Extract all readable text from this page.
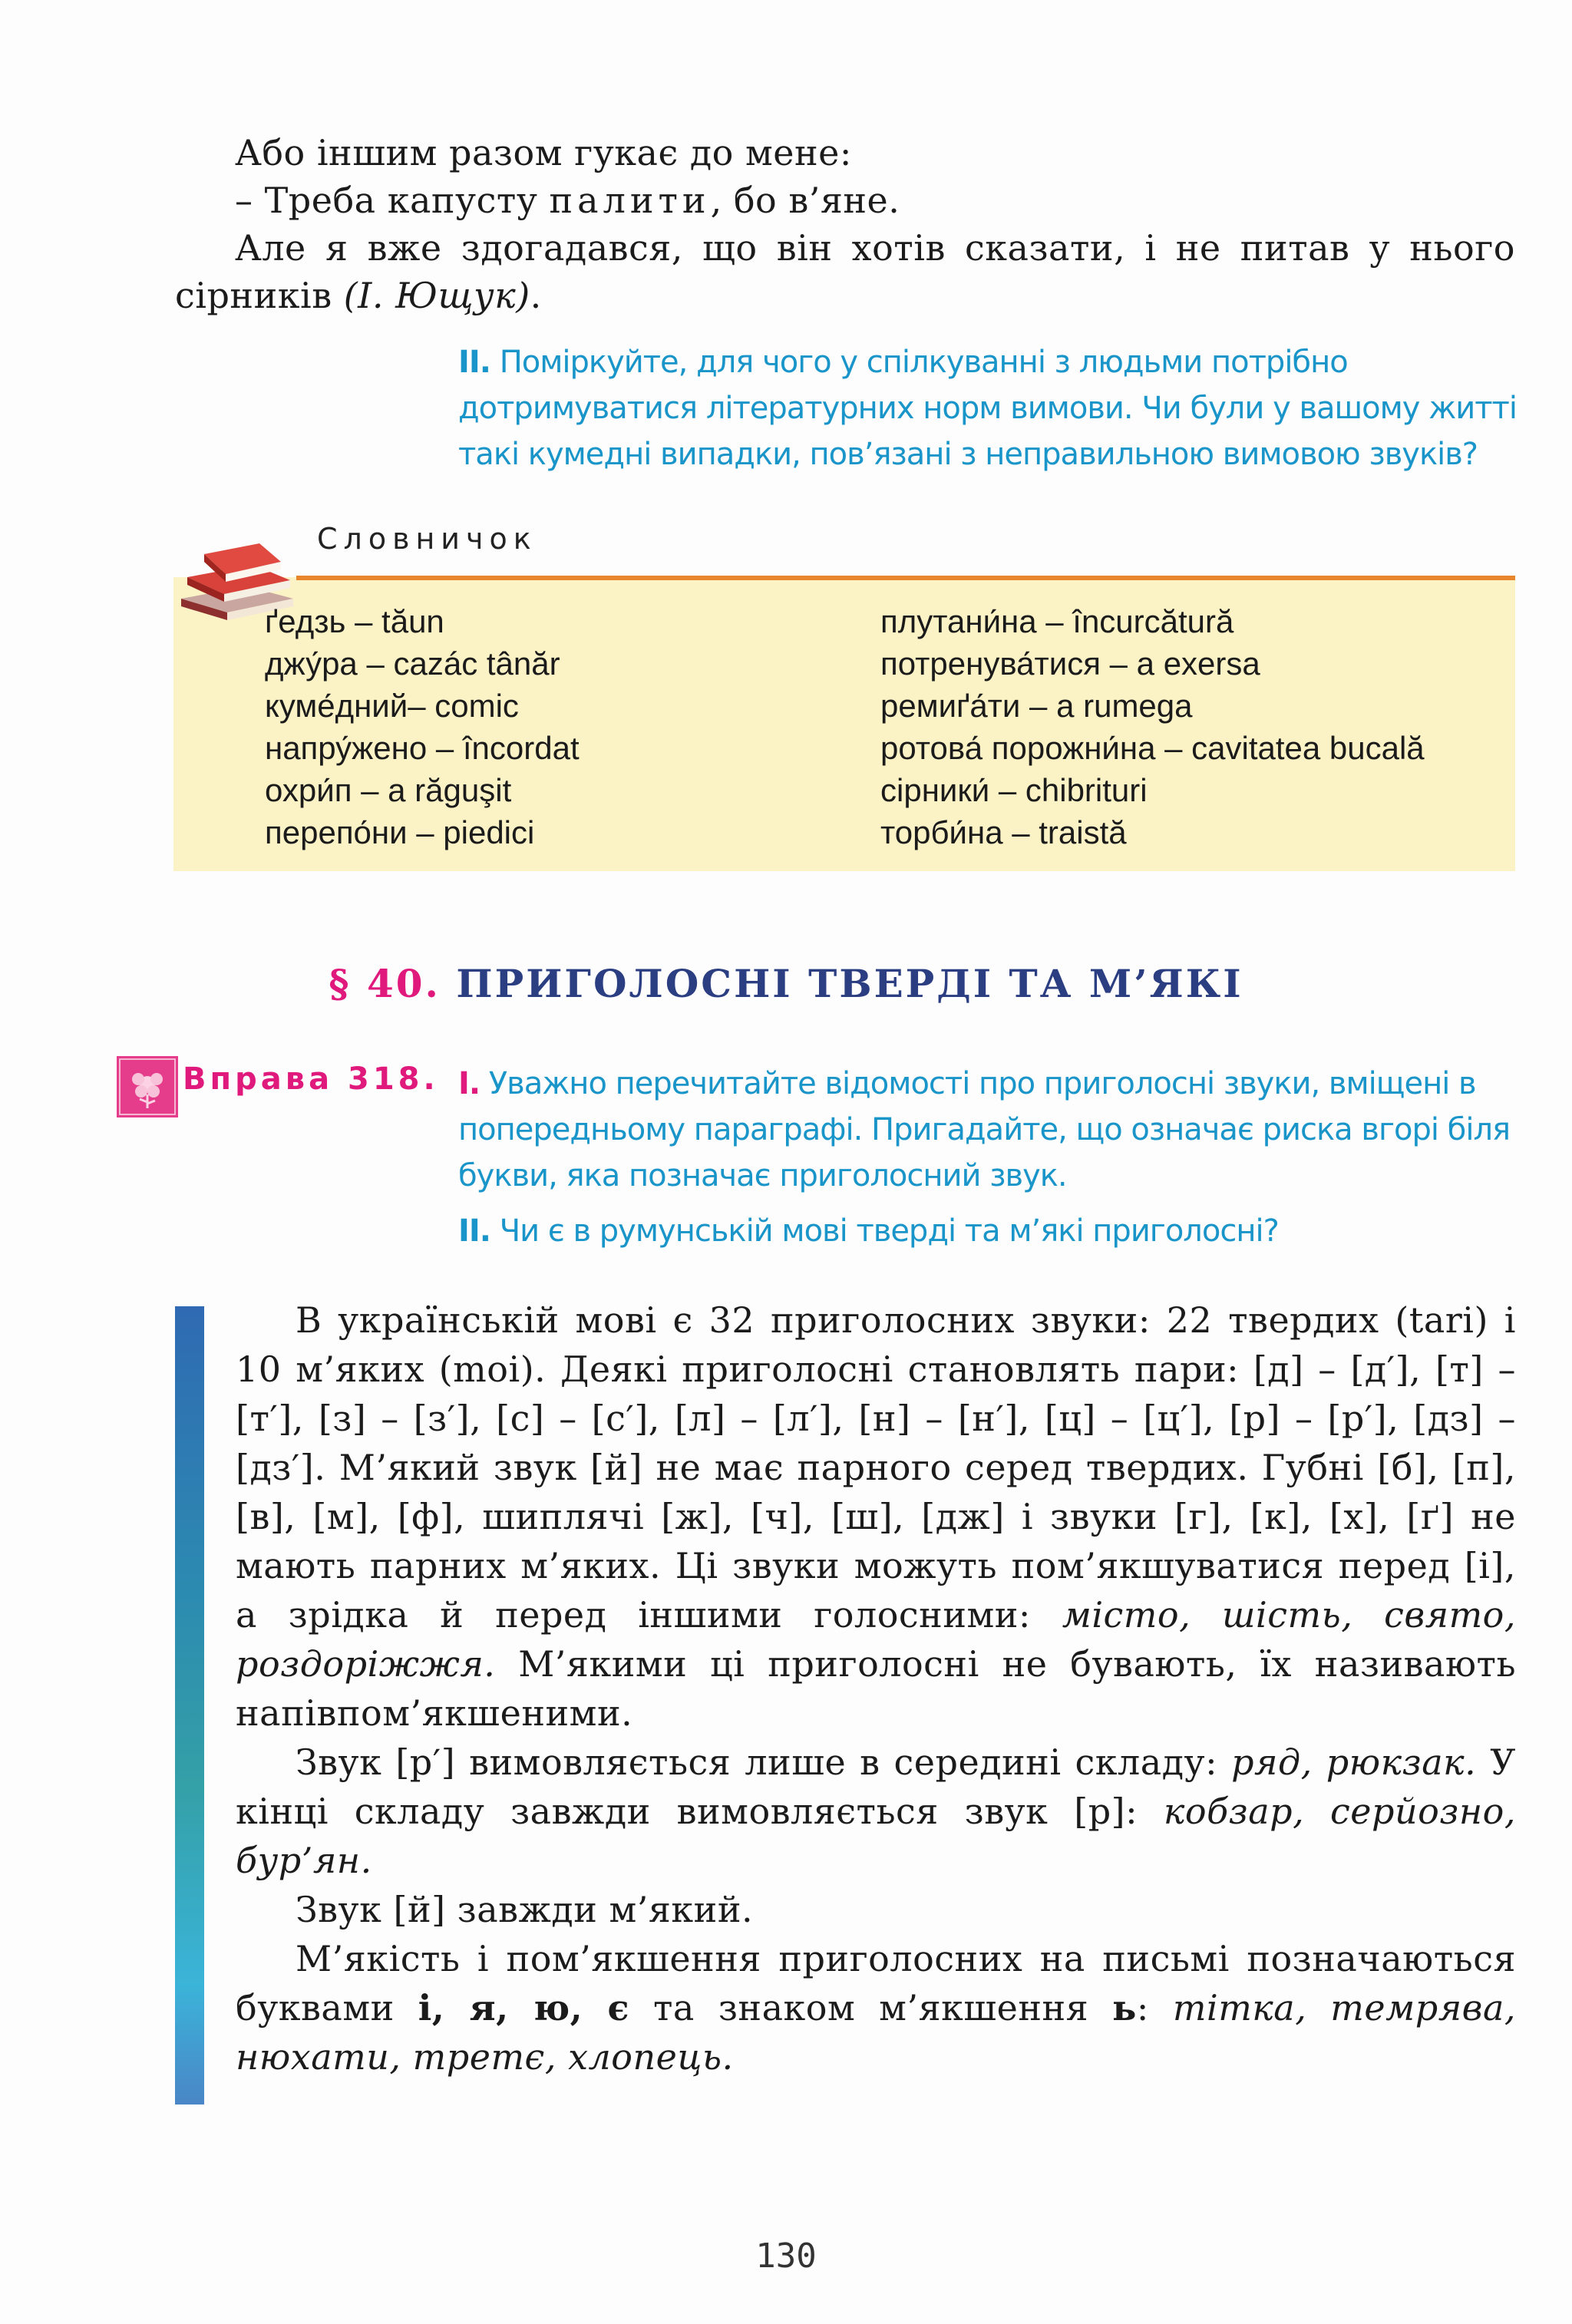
Або іншим разом гукає до мене:
– Треба капусту палити, бо в’яне.
Але я вже здогадався, що він хотів сказати, і не питав у нього сірників (І. Ющук).
II. Поміркуйте, для чого у спілкуванні з людьми потрібно дотримуватися літературних норм вимови. Чи були у вашому житті такі кумедні випадки, пов’язані з неправильною вимовою звуків?
Словничок
ґедзь – tăun
джу́ра – cazác tânăr
куме́дний– comic
напру́жено – încordat
охри́п – a răguşit
перепо́ни – piedici
плутани́на – încurcătură
потренува́тися – a exersa
ремиґа́ти – a rumega
ротова́ порожни́на – cavitatea bucală
сірники́ – chibrituri
торби́на – traistă
§ 40. ПРИГОЛОСНІ ТВЕРДІ ТА М’ЯКІ
Вправа 318. І. Уважно перечитайте відомості про приголосні звуки, вміщені в попередньому параграфі. Пригадайте, що означає риска вгорі біля букви, яка позначає приголосний звук.

ІІ. Чи є в румунській мові тверді та м’які приголосні?

В українській мові є 32 приголосних звуки: 22 твердих (tari) і 10 м’яких (moi). Деякі приголосні становлять пари: [д] – [д′], [т] – [т′], [з] – [з′], [с] – [с′], [л] – [л′], [н] – [н′], [ц] – [ц′], [р] – [р′], [дз] – [дз′]. М’який звук [й] не має парного серед твердих. Губні [б], [п], [в], [м], [ф], шиплячі [ж], [ч], [ш], [дж] і звуки [г], [к], [х], [ґ] не мають парних м’яких. Ці звуки можуть пом’якшуватися перед [і], а зрідка й перед іншими голосними: місто, шість, свято, роздоріжжя. М’якими ці приголосні не бувають, їх називають напівпом’якшеними.

Звук [р′] вимовляється лише в середині складу: ряд, рюкзак. У кінці складу завжди вимовляється звук [р]: кобзар, серйозно, бур’ян.

Звук [й] завжди м’який.

М’якість і пом’якшення приголосних на письмі позначаються буквами і, я, ю, є та знаком м’якшення ь: тітка, темрява, нюхати, третє, хлопець.

130
